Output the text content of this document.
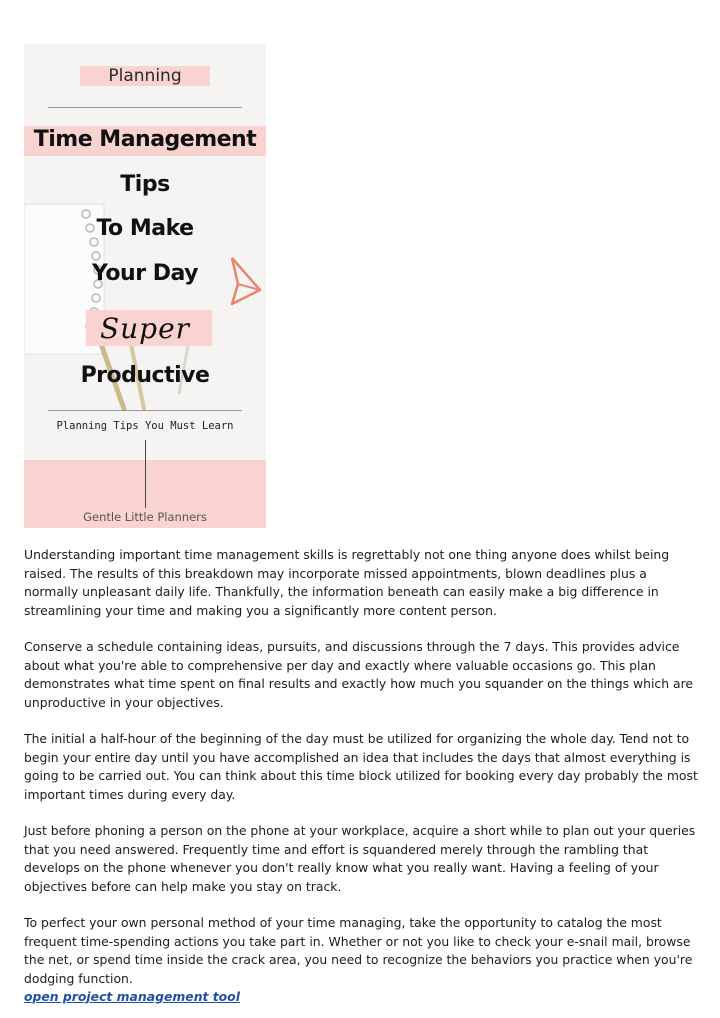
Planning
Time Management
Tips
To Make
Your Day
Super
Productive
Planning Tips You Must Learn
Gentle Little Planners

Understanding important time management skills is regrettably not one thing anyone does whilst being raised. The results of this breakdown may incorporate missed appointments, blown deadlines plus a normally unpleasant daily life. Thankfully, the information beneath can easily make a big difference in streamlining your time and making you a significantly more content person.

Conserve a schedule containing ideas, pursuits, and discussions through the 7 days. This provides advice about what you're able to comprehensive per day and exactly where valuable occasions go. This plan demonstrates what time spent on final results and exactly how much you squander on the things which are unproductive in your objectives.

The initial a half-hour of the beginning of the day must be utilized for organizing the whole day. Tend not to begin your entire day until you have accomplished an idea that includes the days that almost everything is going to be carried out. You can think about this time block utilized for booking every day probably the most important times during every day.

Just before phoning a person on the phone at your workplace, acquire a short while to plan out your queries that you need answered. Frequently time and effort is squandered merely through the rambling that develops on the phone whenever you don't really know what you really want. Having a feeling of your objectives before can help make you stay on track.

To perfect your own personal method of your time managing, take the opportunity to catalog the most frequent time-spending actions you take part in. Whether or not you like to check your e-snail mail, browse the net, or spend time inside the crack area, you need to recognize the behaviors you practice when you're dodging function.
open project management tool
